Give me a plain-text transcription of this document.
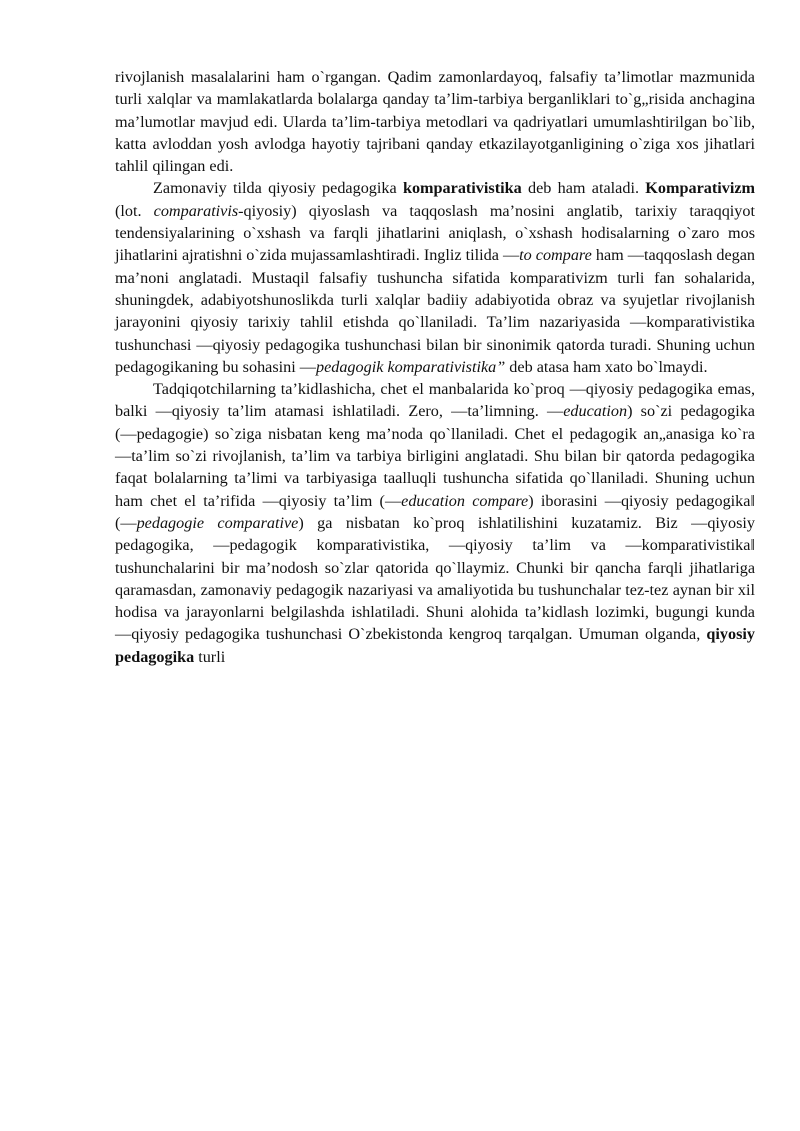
rivojlanish masalalarini ham o`rgangan. Qadim zamonlardayoq, falsafiy ta’limotlar mazmunida turli xalqlar va mamlakatlarda bolalarga qanday ta’lim-tarbiya berganliklari to`g„risida anchagina ma’lumotlar mavjud edi. Ularda ta’lim-tarbiya metodlari va qadriyatlari umumlashtirilgan bo`lib, katta avloddan yosh avlodga hayotiy tajribani qanday etkazilayotganligining o`ziga xos jihatlari tahlil qilingan edi.

Zamonaviy tilda qiyosiy pedagogika komparativistika deb ham ataladi. Komparativizm (lot. comparativis-qiyosiy) qiyoslash va taqqoslash ma’nosini anglatib, tarixiy taraqqiyot tendensiyalarining o`xshash va farqli jihatlarini aniqlash, o`xshash hodisalarning o`zaro mos jihatlarini ajratishni o`zida mujassamlashtiradi. Ingliz tilida ―to compare ham ―taqqoslash degan ma’noni anglatadi. Mustaqil falsafiy tushuncha sifatida komparativizm turli fan sohalarida, shuningdek, adabiyotshunoslikda turli xalqlar badiiy adabiyotida obraz va syujetlar rivojlanish jarayonini qiyosiy tarixiy tahlil etishda qo`llaniladi. Ta’lim nazariyasida ―komparativistika tushunchasi ―qiyosiy pedagogika tushunchasi bilan bir sinonimik qatorda turadi. Shuning uchun pedagogikaning bu sohasini ―pedagogik komparativistika” deb atasa ham xato bo`lmaydi.

Tadqiqotchilarning ta’kidlashicha, chet el manbalarida ko`proq ―qiyosiy pedagogika emas, balki ―qiyosiy ta’lim atamasi ishlatiladi. Zero, ―ta’limning. ―education) so`zi pedagogika (―pedagogie) so`ziga nisbatan keng ma’noda qo`llaniladi. Chet el pedagogik an„anasiga ko`ra ―ta’lim so`zi rivojlanish, ta’lim va tarbiya birligini anglatadi. Shu bilan bir qatorda pedagogika faqat bolalarning ta’limi va tarbiyasiga taalluqli tushuncha sifatida qo`llaniladi. Shuning uchun ham chet el ta’rifida ―qiyosiy ta’lim (―education compare) iborasini ―qiyosiy pedagogika‖ (―pedagogie comparative) ga nisbatan ko`proq ishlatilishini kuzatamiz. Biz ―qiyosiy pedagogika, ―pedagogik komparativistika, ―qiyosiy ta’lim va ―komparativistika‖ tushunchalarini bir ma’nodosh so`zlar qatorida qo`llaymiz. Chunki bir qancha farqli jihatlariga qaramasdan, zamonaviy pedagogik nazariyasi va amaliyotida bu tushunchalar tez-tez aynan bir xil hodisa va jarayonlarni belgilashda ishlatiladi. Shuni alohida ta’kidlash lozimki, bugungi kunda ―qiyosiy pedagogika tushunchasi O`zbekistonda kengroq tarqalgan. Umuman olganda, qiyosiy pedagogika turli
